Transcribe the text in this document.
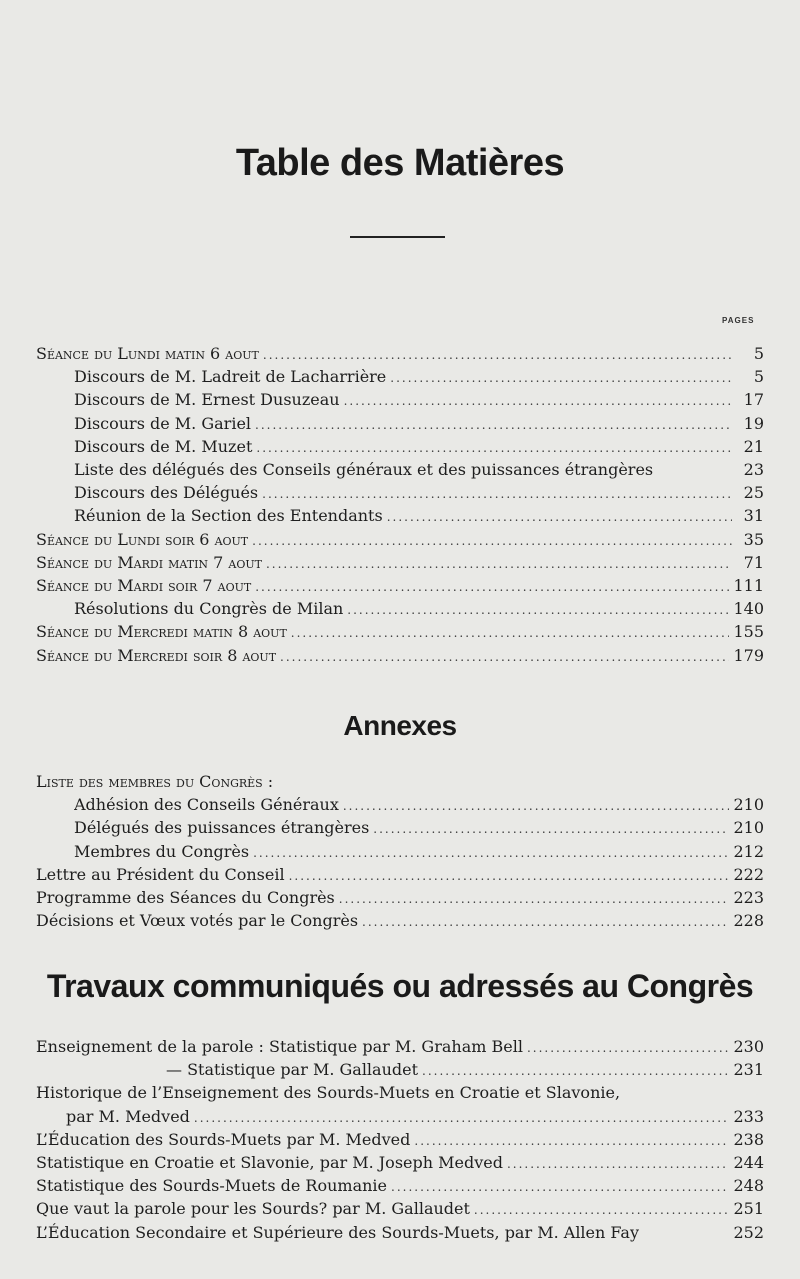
Table des Matières
PAGES
Séance du Lundi matin 6 aout .....	5
Discours de M. Ladreit de Lacharrière .....	5
Discours de M. Ernest Dusuzeau .....	17
Discours de M. Gariel .....	19
Discours de M. Muzet .....	21
Liste des délégués des Conseils généraux et des puissances étrangères	23
Discours des Délégués .....	25
Réunion de la Section des Entendants .....	31
Séance du Lundi soir 6 aout .....	35
Séance du Mardi matin 7 aout .....	71
Séance du Mardi soir 7 aout .....	111
Résolutions du Congrès de Milan .....	140
Séance du Mercredi matin 8 aout .....	155
Séance du Mercredi soir 8 aout .....	179
Annexes
Liste des membres du Congrès :
Adhésion des Conseils Généraux .....	210
Délégués des puissances étrangères .....	210
Membres du Congrès .....	212
Lettre au Président du Conseil .....	222
Programme des Séances du Congrès .....	223
Décisions et Vœux votés par le Congrès .....	228
Travaux communiqués ou adressés au Congrès
Enseignement de la parole : Statistique par M. Graham Bell .....	230
— Statistique par M. Gallaudet .....	231
Historique de l’Enseignement des Sourds-Muets en Croatie et Slavonie,
par M. Medved .....	233
L’Éducation des Sourds-Muets par M. Medved .....	238
Statistique en Croatie et Slavonie, par M. Joseph Medved .....	244
Statistique des Sourds-Muets de Roumanie .....	248
Que vaut la parole pour les Sourds? par M. Gallaudet .....	251
L’Éducation Secondaire et Supérieure des Sourds-Muets, par M. Allen Fay	252
